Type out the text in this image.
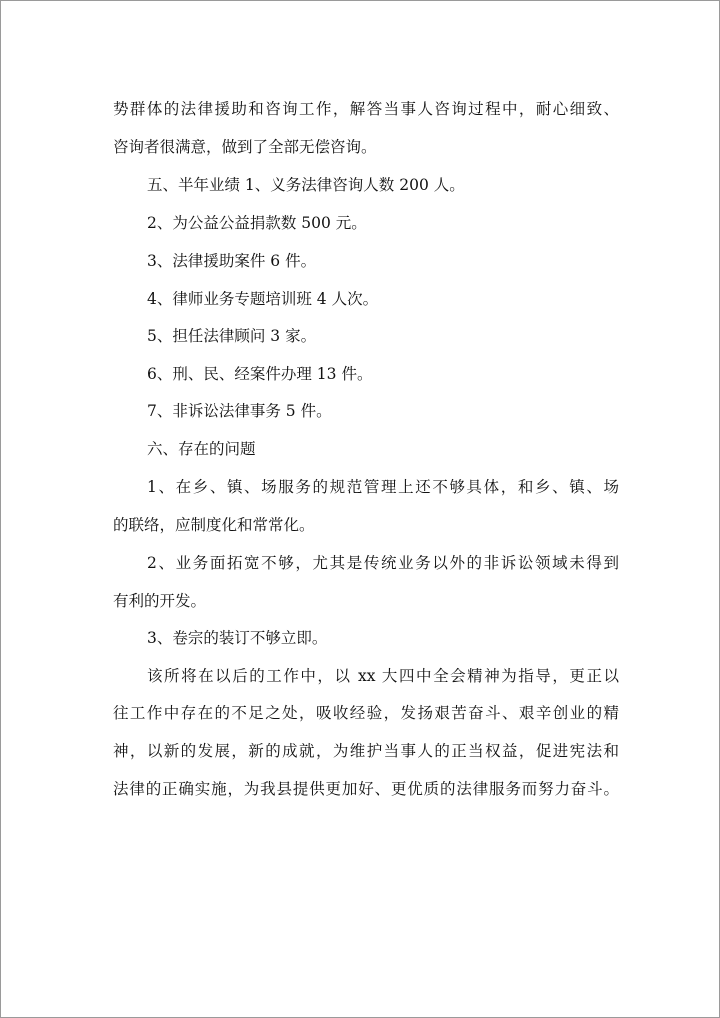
势群体的法律援助和咨询工作，解答当事人咨询过程中，耐心细致、
咨询者很满意，做到了全部无偿咨询。
五、半年业绩 1、义务法律咨询人数 200 人。
2、为公益公益捐款数 500 元。
3、法律援助案件 6 件。
4、律师业务专题培训班 4 人次。
5、担任法律顾问 3 家。
6、刑、民、经案件办理 13 件。
7、非诉讼法律事务 5 件。
六、存在的问题
1、在乡、镇、场服务的规范管理上还不够具体，和乡、镇、场
的联络，应制度化和常常化。
2、业务面拓宽不够，尤其是传统业务以外的非诉讼领域未得到
有利的开发。
3、卷宗的装订不够立即。
该所将在以后的工作中，以 xx 大四中全会精神为指导，更正以
往工作中存在的不足之处，吸收经验，发扬艰苦奋斗、艰辛创业的精
神，以新的发展，新的成就，为维护当事人的正当权益，促进宪法和
法律的正确实施，为我县提供更加好、更优质的法律服务而努力奋斗。
